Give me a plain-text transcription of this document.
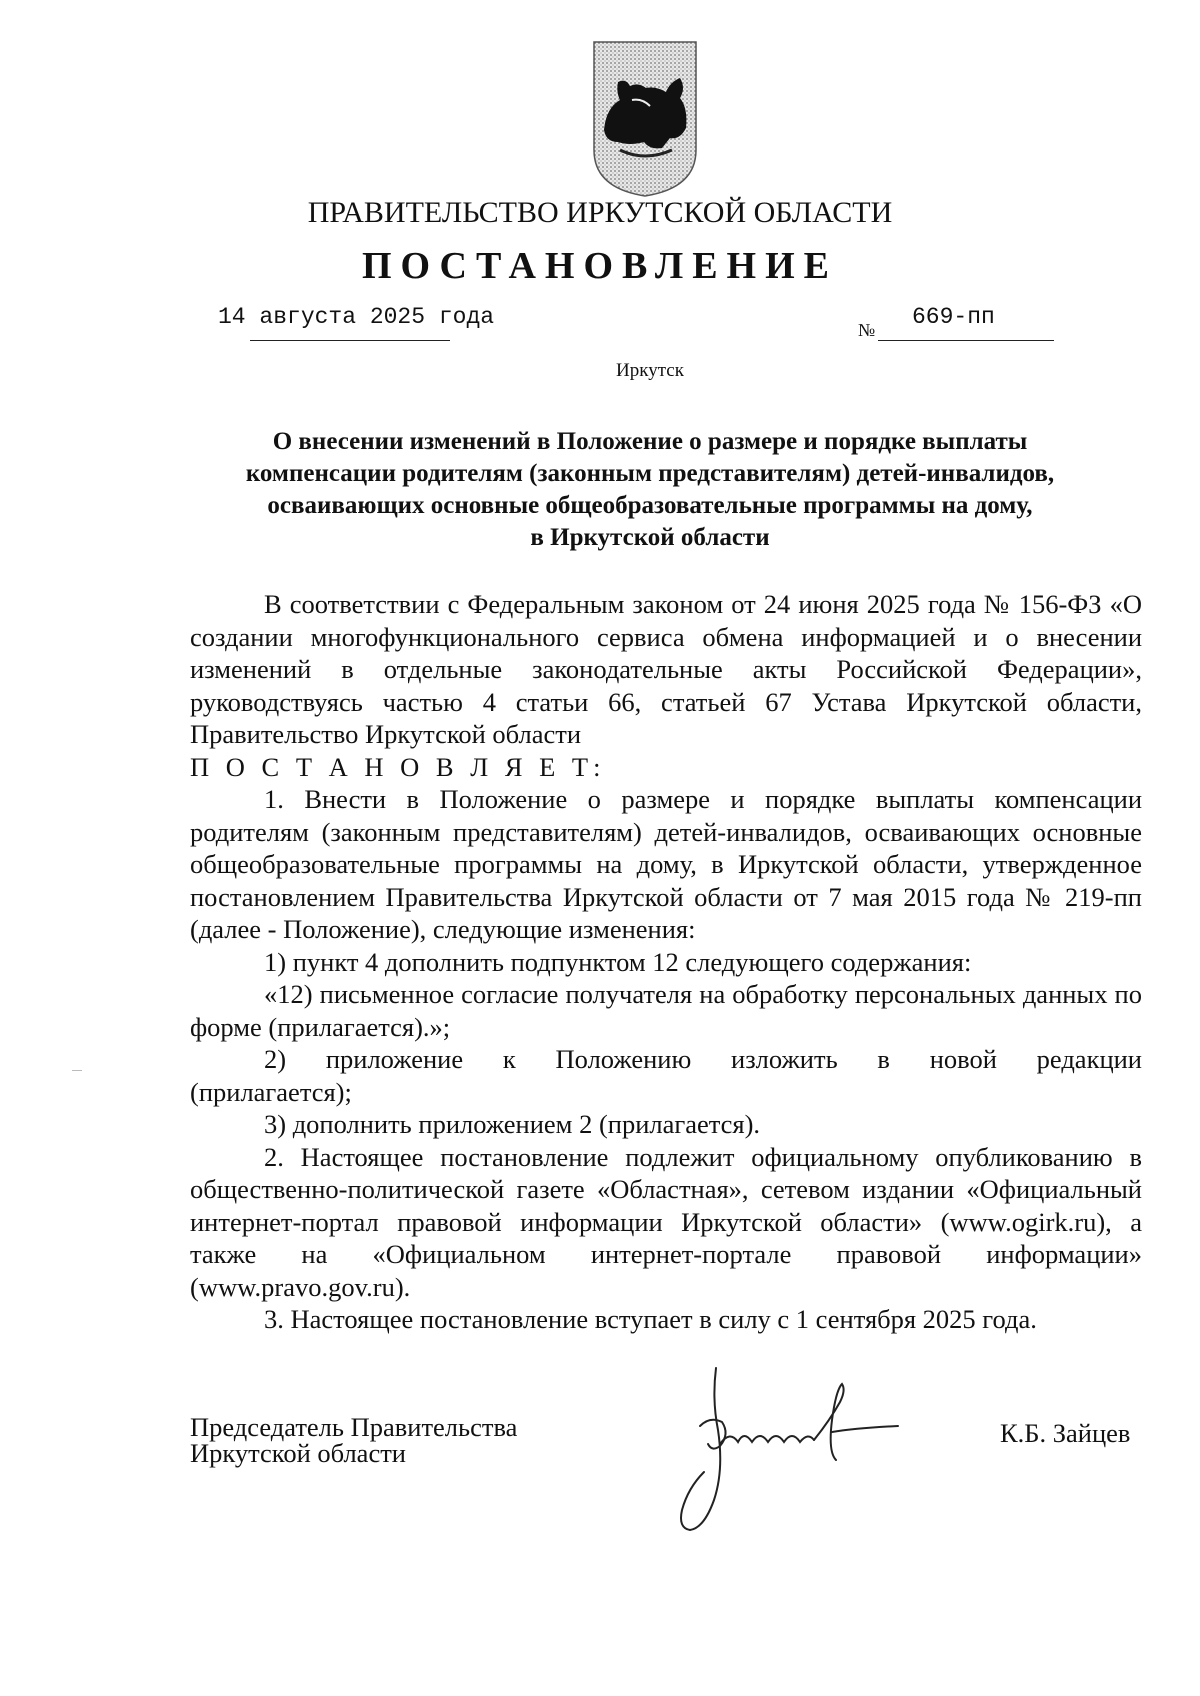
ПРАВИТЕЛЬСТВО ИРКУТСКОЙ ОБЛАСТИ
ПОСТАНОВЛЕНИЕ
14 августа 2025 года	№ 669-пп
Иркутск
О внесении изменений в Положение о размере и порядке выплаты
компенсации родителям (законным представителям) детей-инвалидов,
осваивающих основные общеобразовательные программы на дому,
в Иркутской области

В соответствии с Федеральным законом от 24 июня 2025 года № 156-ФЗ «О создании многофункционального сервиса обмена информацией и о внесении изменений в отдельные законодательные акты Российской Федерации», руководствуясь частью 4 статьи 66, статьей 67 Устава Иркутской области, Правительство Иркутской области

П О С Т А Н О В Л Я Е Т:

1. Внести в Положение о размере и порядке выплаты компенсации родителям (законным представителям) детей-инвалидов, осваивающих основные общеобразовательные программы на дому, в Иркутской области, утвержденное постановлением Правительства Иркутской области от 7 мая 2015 года № 219-пп (далее - Положение), следующие изменения:

1) пункт 4 дополнить подпунктом 12 следующего содержания:

«12) письменное согласие получателя на обработку персональных данных по форме (прилагается).»;

2) приложение к Положению изложить в новой редакции

(прилагается);

3) дополнить приложением 2 (прилагается).

2. Настоящее постановление подлежит официальному опубликованию в общественно-политической газете «Областная», сетевом издании «Официальный интернет-портал правовой информации Иркутской области» (www.ogirk.ru), а также на «Официальном интернет-портале правовой информации» (www.pravo.gov.ru).

3. Настоящее постановление вступает в силу с 1 сентября 2025 года.

Председатель Правительства
Иркутской области
К.Б. Зайцев
